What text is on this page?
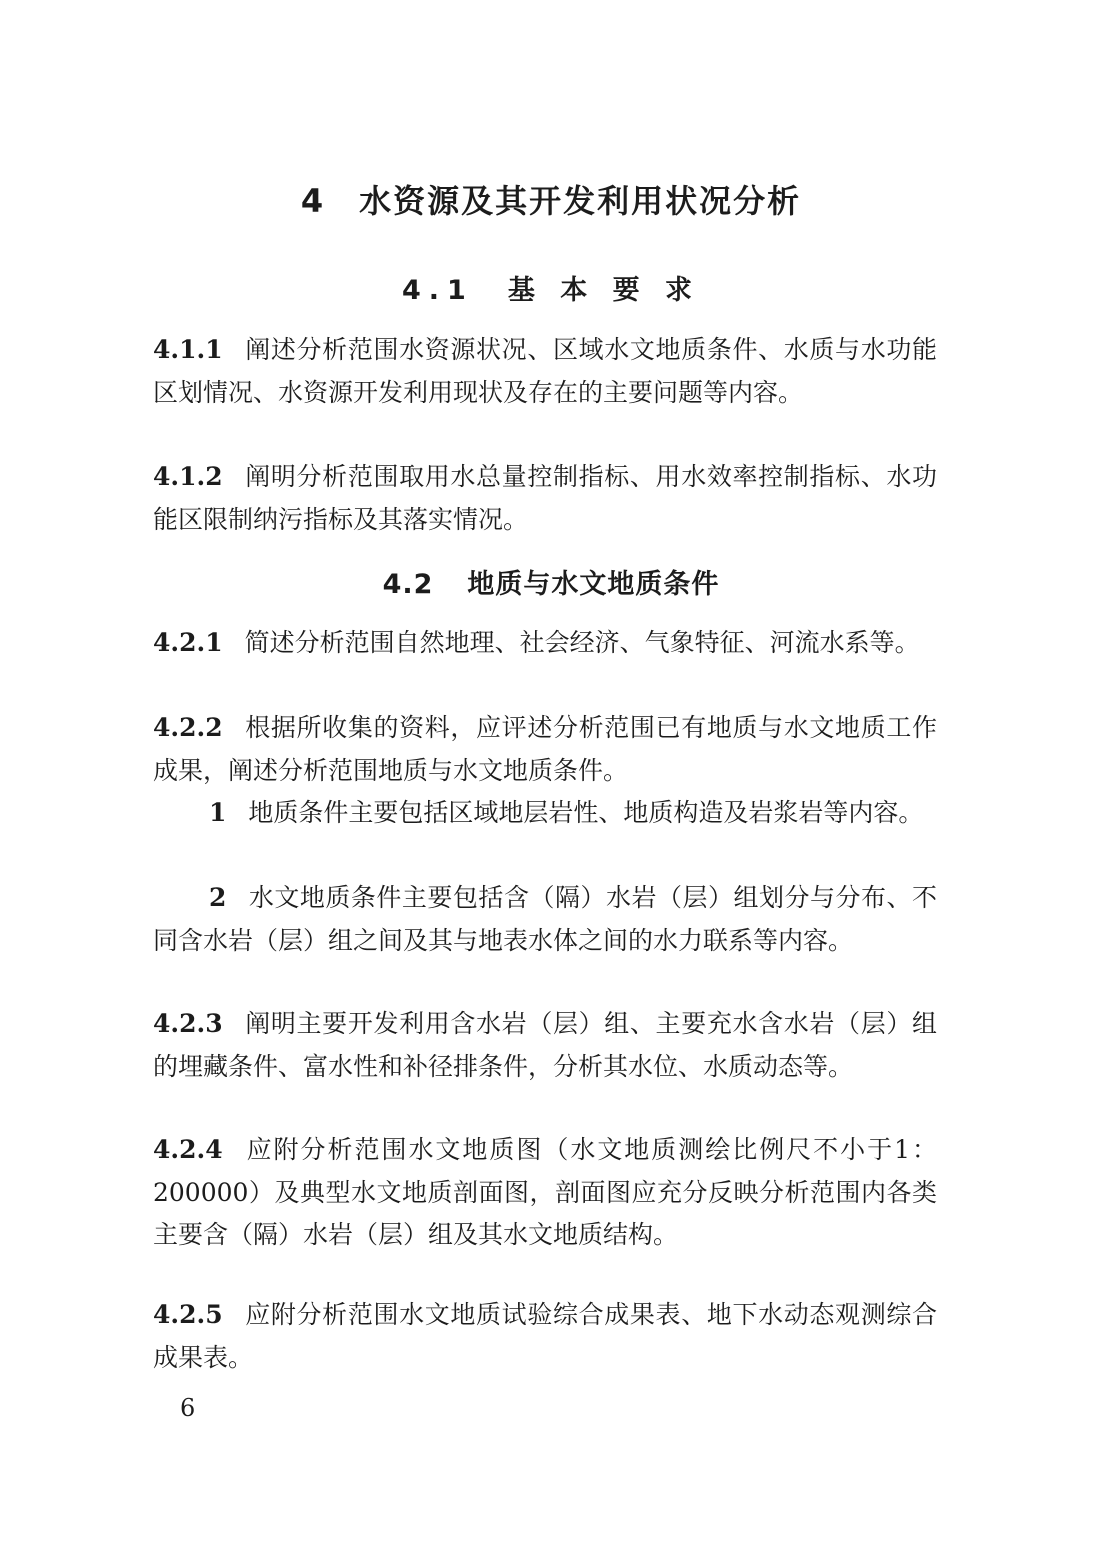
4 水资源及其开发利用状况分析
4.1 基 本 要 求

4.1.1 阐述分析范围水资源状况、区域水文地质条件、水质与水功能区划情况、水资源开发利用现状及存在的主要问题等内容。

4.1.2 阐明分析范围取用水总量控制指标、用水效率控制指标、水功能区限制纳污指标及其落实情况。

4.2 地质与水文地质条件

4.2.1 简述分析范围自然地理、社会经济、气象特征、河流水系等。

4.2.2 根据所收集的资料，应评述分析范围已有地质与水文地质工作成果，阐述分析范围地质与水文地质条件。

1 地质条件主要包括区域地层岩性、地质构造及岩浆岩等内容。

2 水文地质条件主要包括含（隔）水岩（层）组划分与分布、不同含水岩（层）组之间及其与地表水体之间的水力联系等内容。

4.2.3 阐明主要开发利用含水岩（层）组、主要充水含水岩（层）组的埋藏条件、富水性和补径排条件，分析其水位、水质动态等。

4.2.4 应附分析范围水文地质图（水文地质测绘比例尺不小于1：200000）及典型水文地质剖面图，剖面图应充分反映分析范围内各类主要含（隔）水岩（层）组及其水文地质结构。

4.2.5 应附分析范围水文地质试验综合成果表、地下水动态观测综合成果表。

6
